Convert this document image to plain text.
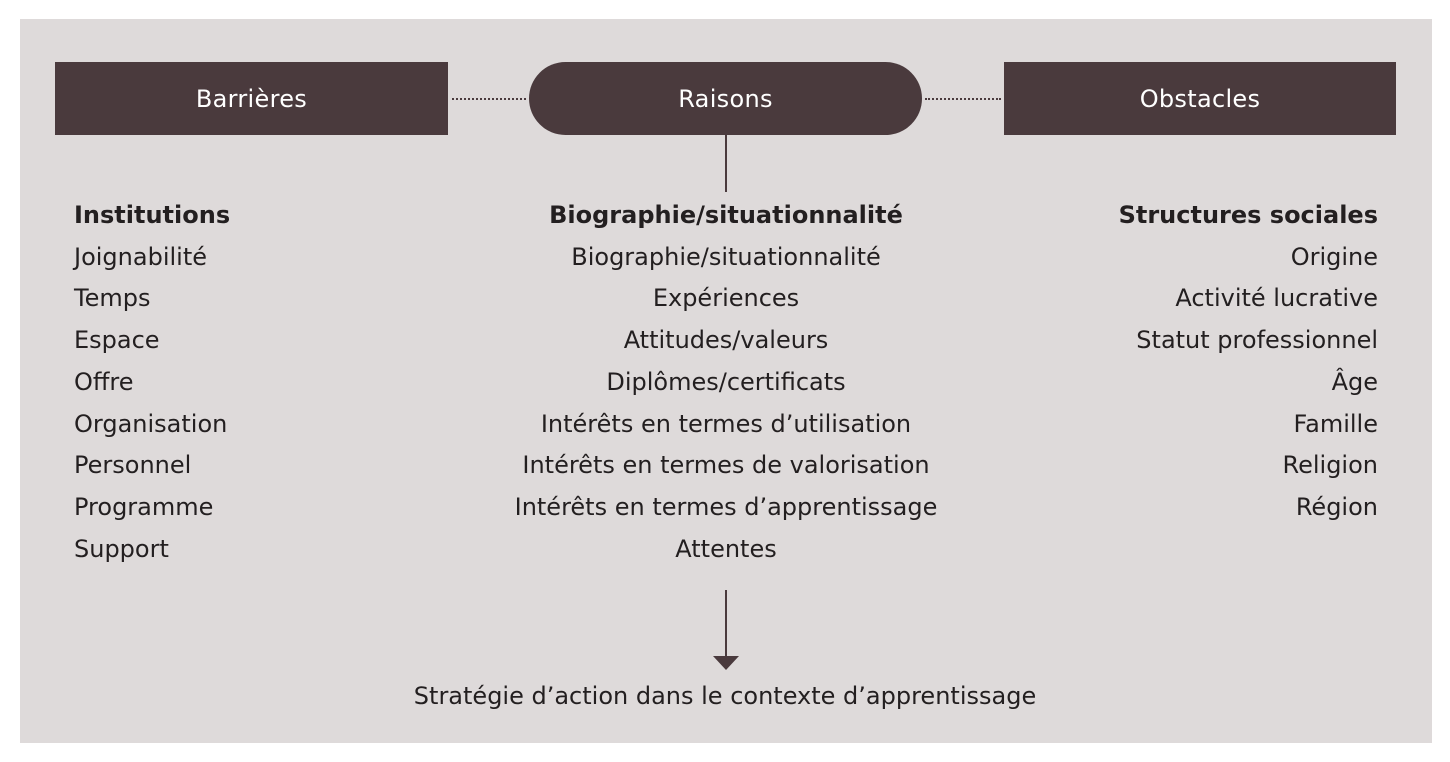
Barrières	Raisons	Obstacles
Institutions
Joignabilité
Temps
Espace
Offre
Organisation
Personnel
Programme
Support
Biographie/situationnalité
Biographie/situationnalité
Expériences
Attitudes/valeurs
Diplômes/certificats
Intérêts en termes d’utilisation
Intérêts en termes de valorisation
Intérêts en termes d’apprentissage
Attentes
Structures sociales
Origine
Activité lucrative
Statut professionnel
Âge
Famille
Religion
Région
Stratégie d’action dans le contexte d’apprentissage
